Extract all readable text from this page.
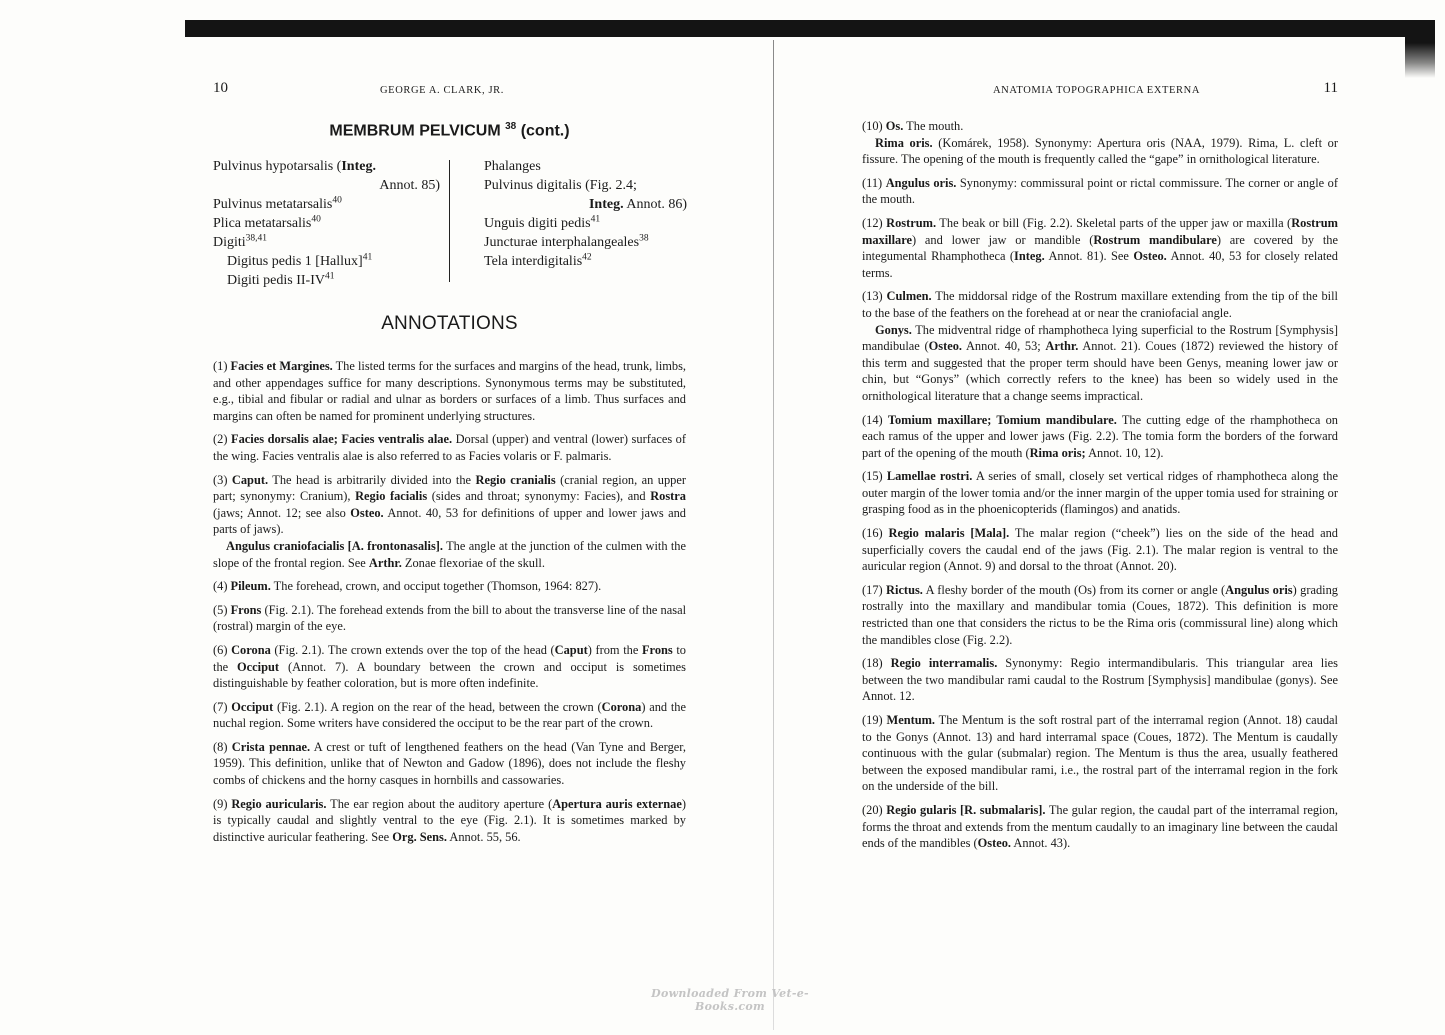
10	GEORGE A. CLARK, JR.
MEMBRUM PELVICUM $^{38}$ (cont.)
Pulvinus hypotarsalis (Integ.
Annot. 85)
Pulvinus metatarsalis$^{40}$
Plica metatarsalis$^{40}$
Digiti$^{38,41}$
Digitus pedis 1 [Hallux]$^{41}$
Digiti pedis II-IV$^{41}$
Phalanges
Pulvinus digitalis (Fig. 2.4;
Integ. Annot. 86)
Unguis digiti pedis$^{41}$
Juncturae interphalangeales$^{38}$
Tela interdigitalis$^{42}$
ANNOTATIONS

(1) Facies et Margines. The listed terms for the surfaces and margins of the head, trunk, limbs, and other appendages suffice for many descriptions. Synonymous terms may be substituted, e.g., tibial and fibular or radial and ulnar as borders or surfaces of a limb. Thus surfaces and margins can often be named for prominent underlying structures.

(2) Facies dorsalis alae; Facies ventralis alae. Dorsal (upper) and ventral (lower) surfaces of the wing. Facies ventralis alae is also referred to as Facies volaris or F. palmaris.

(3) Caput. The head is arbitrarily divided into the Regio cranialis (cranial region, an upper part; synonymy: Cranium), Regio facialis (sides and throat; synonymy: Facies), and Rostra (jaws; Annot. 12; see also Osteo. Annot. 40, 53 for definitions of upper and lower jaws and parts of jaws).
Angulus craniofacialis [A. frontonasalis]. The angle at the junction of the culmen with the slope of the frontal region. See Arthr. Zonae flexoriae of the skull.

(4) Pileum. The forehead, crown, and occiput together (Thomson, 1964: 827).

(5) Frons (Fig. 2.1). The forehead extends from the bill to about the transverse line of the nasal (rostral) margin of the eye.

(6) Corona (Fig. 2.1). The crown extends over the top of the head (Caput) from the Frons to the Occiput (Annot. 7). A boundary between the crown and occiput is sometimes distinguishable by feather coloration, but is more often indefinite.

(7) Occiput (Fig. 2.1). A region on the rear of the head, between the crown (Corona) and the nuchal region. Some writers have considered the occiput to be the rear part of the crown.

(8) Crista pennae. A crest or tuft of lengthened feathers on the head (Van Tyne and Berger, 1959). This definition, unlike that of Newton and Gadow (1896), does not include the fleshy combs of chickens and the horny casques in hornbills and cassowaries.

(9) Regio auricularis. The ear region about the auditory aperture (Apertura auris externae) is typically caudal and slightly ventral to the eye (Fig. 2.1). It is sometimes marked by distinctive auricular feathering. See Org. Sens. Annot. 55, 56.

ANATOMIA TOPOGRAPHICA EXTERNA	11

(10) Os. The mouth.
Rima oris. (Komárek, 1958). Synonymy: Apertura oris (NAA, 1979). Rima, L. cleft or fissure. The opening of the mouth is frequently called the “gape” in ornithological literature.

(11) Angulus oris. Synonymy: commissural point or rictal commissure. The corner or angle of the mouth.

(12) Rostrum. The beak or bill (Fig. 2.2). Skeletal parts of the upper jaw or maxilla (Rostrum maxillare) and lower jaw or mandible (Rostrum mandibulare) are covered by the integumental Rhamphotheca (Integ. Annot. 81). See Osteo. Annot. 40, 53 for closely related terms.

(13) Culmen. The middorsal ridge of the Rostrum maxillare extending from the tip of the bill to the base of the feathers on the forehead at or near the craniofacial angle.
Gonys. The midventral ridge of rhamphotheca lying superficial to the Rostrum [Symphysis] mandibulae (Osteo. Annot. 40, 53; Arthr. Annot. 21). Coues (1872) reviewed the history of this term and suggested that the proper term should have been Genys, meaning lower jaw or chin, but “Gonys” (which correctly refers to the knee) has been so widely used in the ornithological literature that a change seems impractical.

(14) Tomium maxillare; Tomium mandibulare. The cutting edge of the rhamphotheca on each ramus of the upper and lower jaws (Fig. 2.2). The tomia form the borders of the forward part of the opening of the mouth (Rima oris; Annot. 10, 12).

(15) Lamellae rostri. A series of small, closely set vertical ridges of rhamphotheca along the outer margin of the lower tomia and/or the inner margin of the upper tomia used for straining or grasping food as in the phoenicopterids (flamingos) and anatids.

(16) Regio malaris [Mala]. The malar region (“cheek”) lies on the side of the head and superficially covers the caudal end of the jaws (Fig. 2.1). The malar region is ventral to the auricular region (Annot. 9) and dorsal to the throat (Annot. 20).

(17) Rictus. A fleshy border of the mouth (Os) from its corner or angle (Angulus oris) grading rostrally into the maxillary and mandibular tomia (Coues, 1872). This definition is more restricted than one that considers the rictus to be the Rima oris (commissural line) along which the mandibles close (Fig. 2.2).

(18) Regio interramalis. Synonymy: Regio intermandibularis. This triangular area lies between the two mandibular rami caudal to the Rostrum [Symphysis] mandibulae (gonys). See Annot. 12.

(19) Mentum. The Mentum is the soft rostral part of the interramal region (Annot. 18) caudal to the Gonys (Annot. 13) and hard interramal space (Coues, 1872). The Mentum is caudally continuous with the gular (submalar) region. The Mentum is thus the area, usually feathered between the exposed mandibular rami, i.e., the rostral part of the interramal region in the fork on the underside of the bill.

(20) Regio gularis [R. submalaris]. The gular region, the caudal part of the interramal region, forms the throat and extends from the mentum caudally to an imaginary line between the caudal ends of the mandibles (Osteo. Annot. 43).

Downloaded From Vet-e-Books.com
